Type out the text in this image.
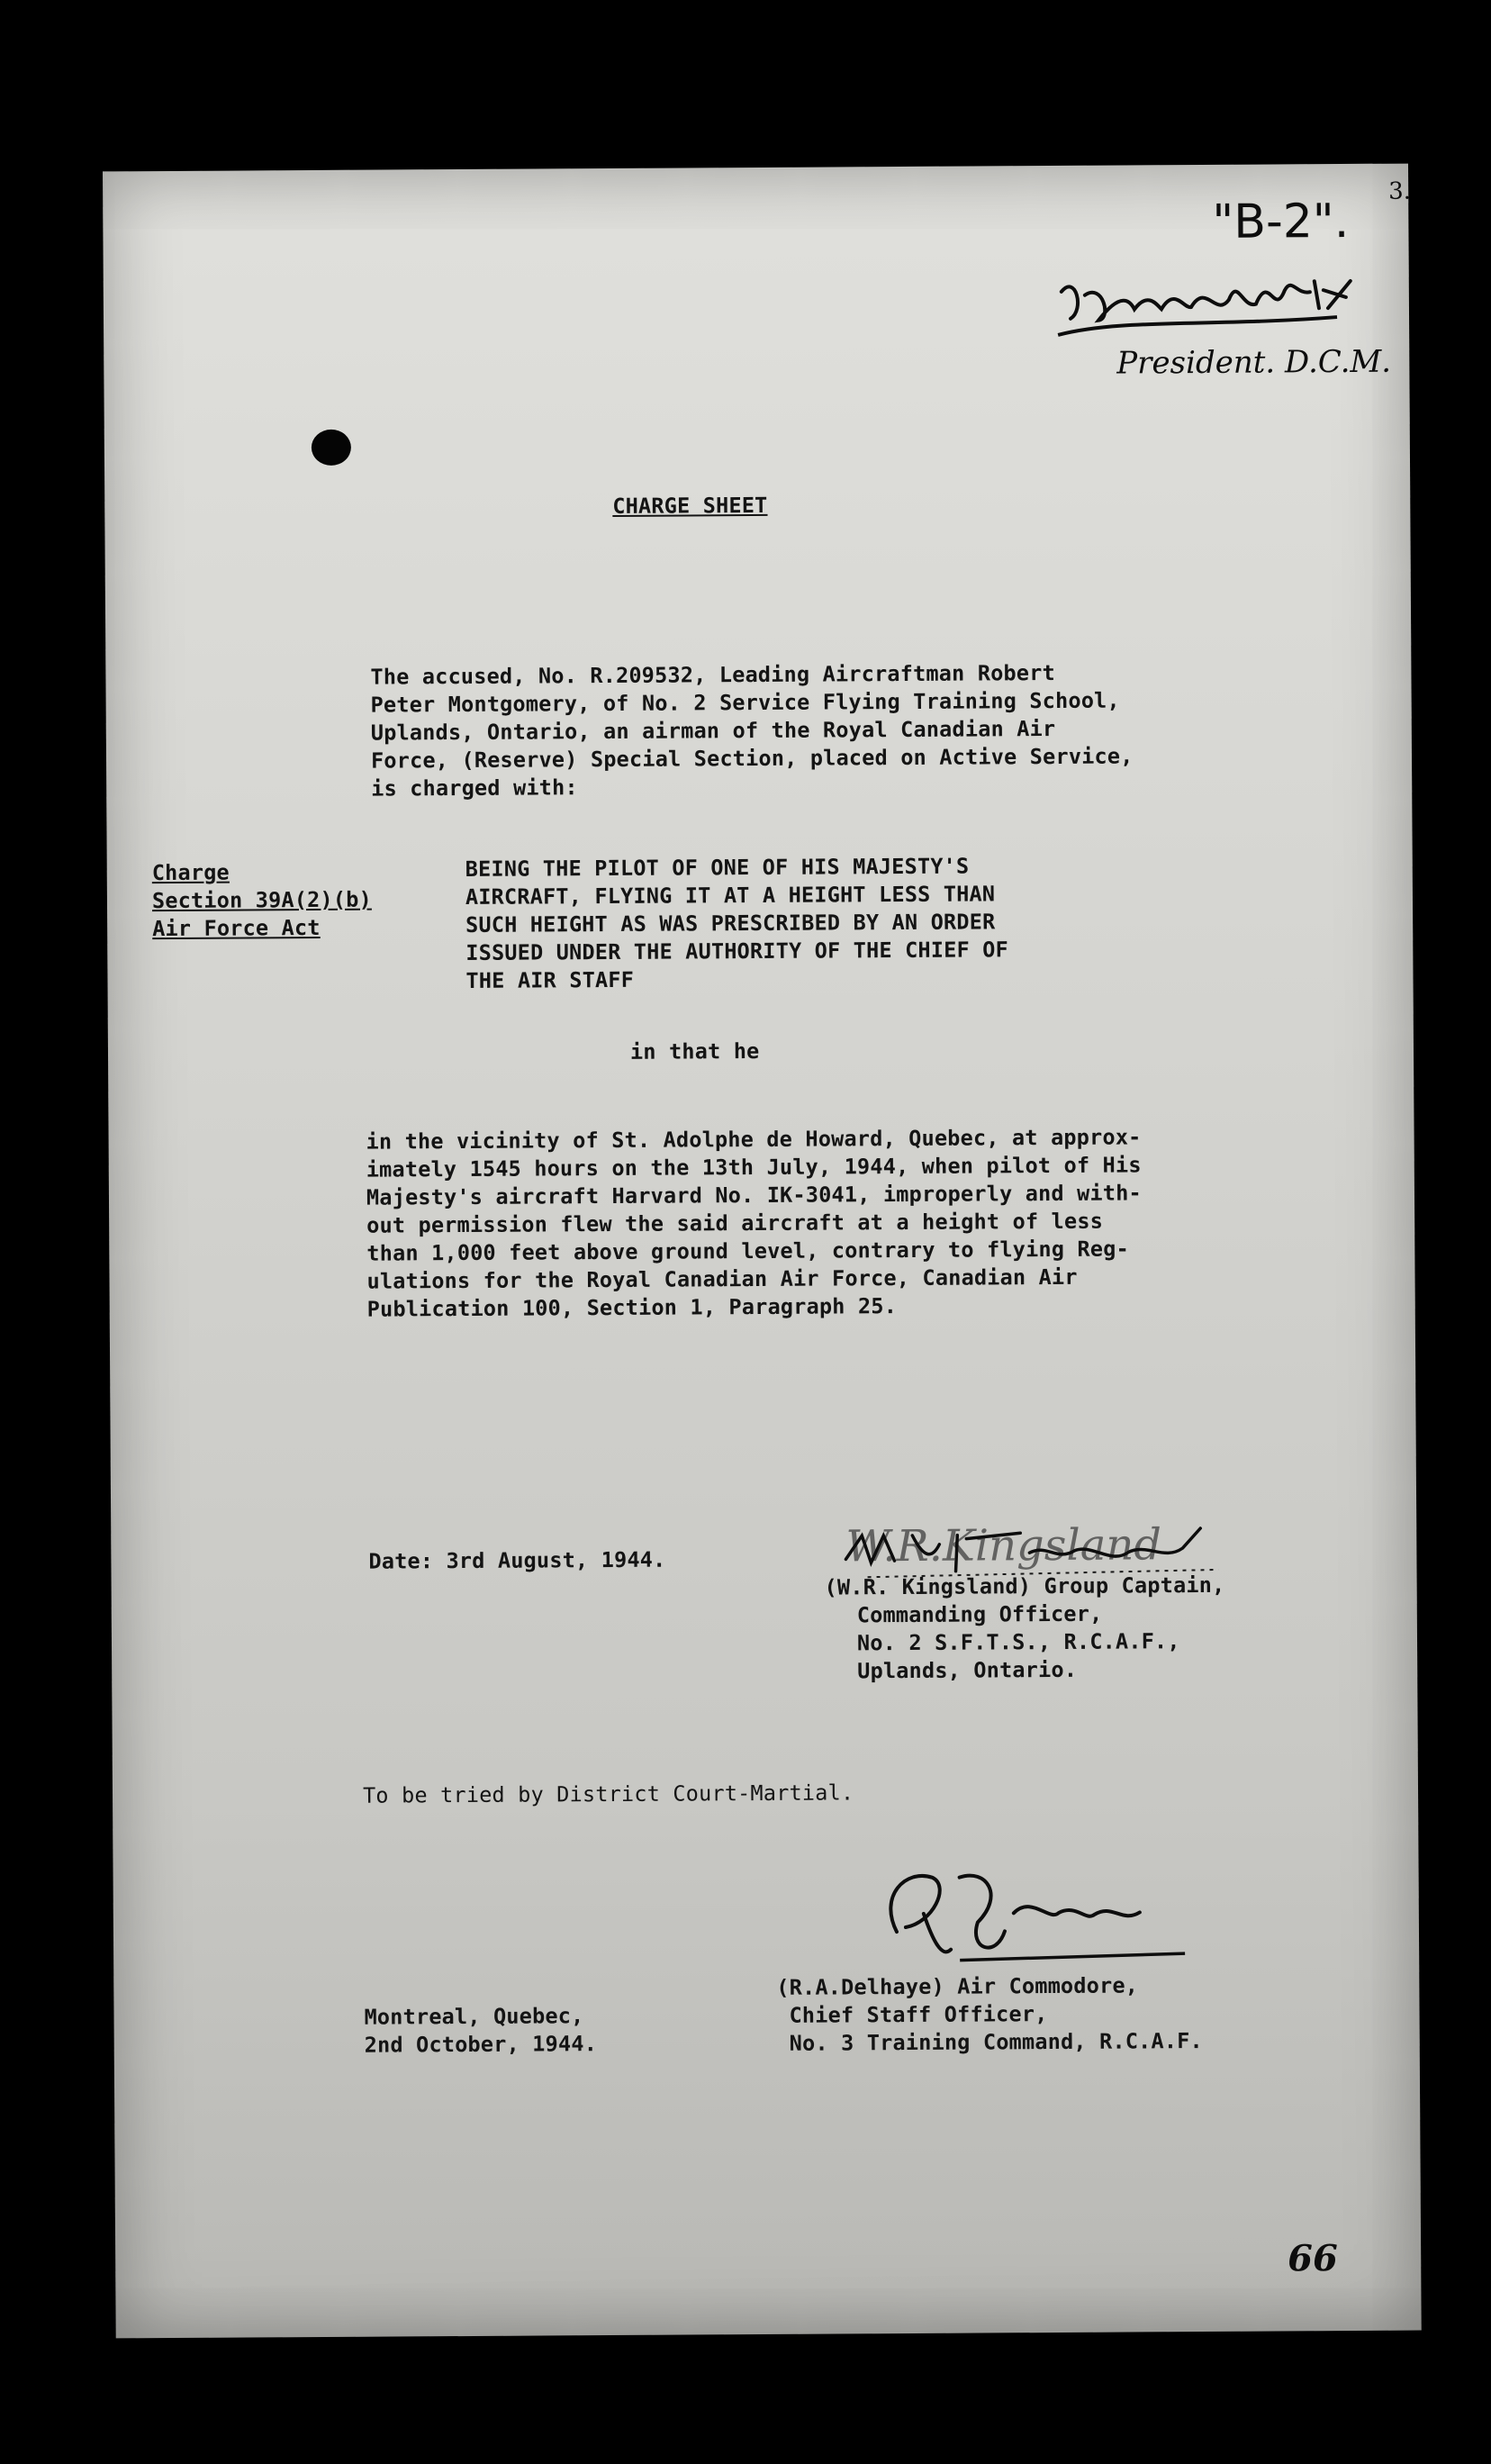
"B-2".
3.
President. D.C.M.
CHARGE SHEET
The accused, No. R.209532, Leading Aircraftman Robert
Peter Montgomery, of No. 2 Service Flying Training School,
Uplands, Ontario, an airman of the Royal Canadian Air
Force, (Reserve) Special Section, placed on Active Service,
is charged with:
Charge
Section 39A(2)(b)
Air Force Act
BEING THE PILOT OF ONE OF HIS MAJESTY'S
AIRCRAFT, FLYING IT AT A HEIGHT LESS THAN
SUCH HEIGHT AS WAS PRESCRIBED BY AN ORDER
ISSUED UNDER THE AUTHORITY OF THE CHIEF OF
THE AIR STAFF
in that he
in the vicinity of St. Adolphe de Howard, Quebec, at approx-
imately 1545 hours on the 13th July, 1944, when pilot of His
Majesty's aircraft Harvard No. IK-3041, improperly and with-
out permission flew the said aircraft at a height of less
than 1,000 feet above ground level, contrary to flying Reg-
ulations for the Royal Canadian Air Force, Canadian Air
Publication 100, Section 1, Paragraph 25.
Date: 3rd August, 1944.	W.R.Kingsland
(W.R. Kingsland) Group Captain,
Commanding Officer,
No. 2 S.F.T.S., R.C.A.F.,
Uplands, Ontario.
To be tried by District Court-Martial.
Montreal, Quebec,
2nd October, 1944.
(R.A.Delhaye) Air Commodore,
Chief Staff Officer,
No. 3 Training Command, R.C.A.F.
66
